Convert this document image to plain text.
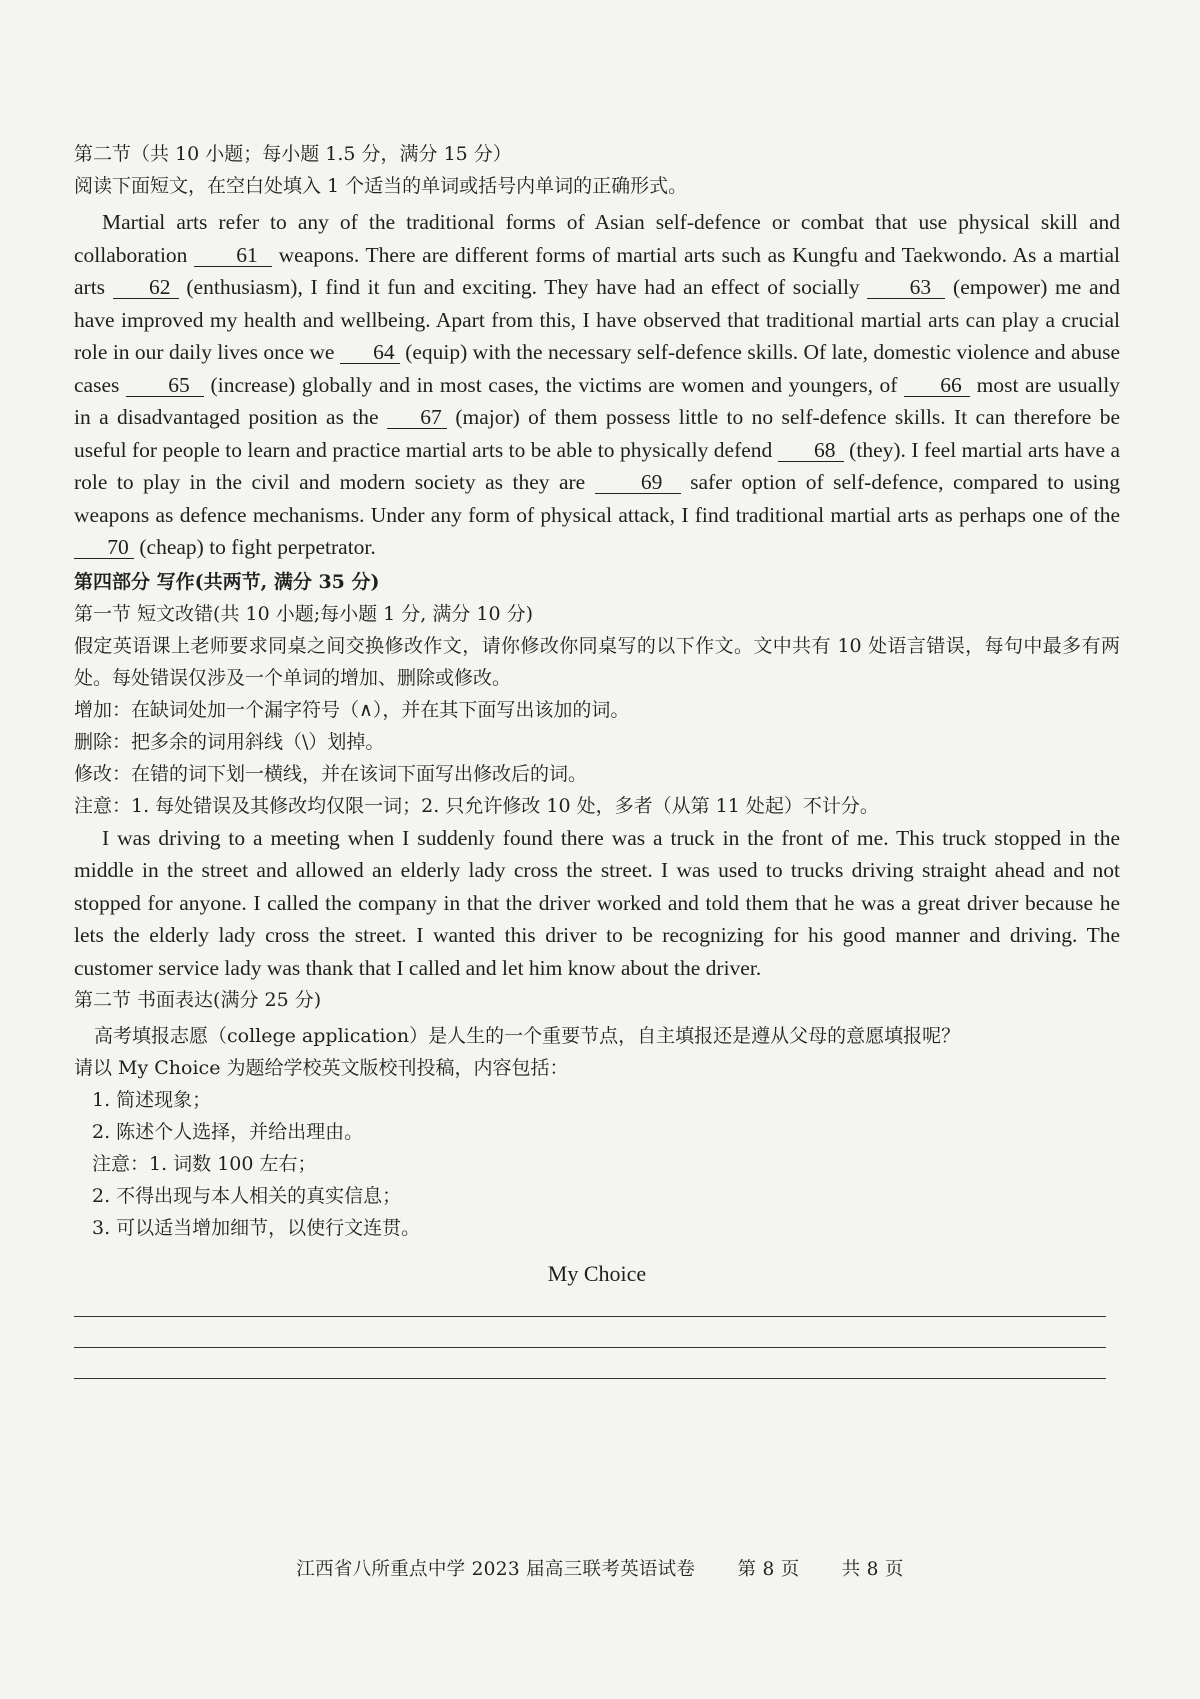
第二节（共 10 小题；每小题 1.5 分，满分 15 分）

阅读下面短文，在空白处填入 1 个适当的单词或括号内单词的正确形式。

Martial arts refer to any of the traditional forms of Asian self-defence or combat that use physical skill and collaboration 61 weapons. There are different forms of martial arts such as Kungfu and Taekwondo. As a martial arts 62 (enthusiasm), I find it fun and exciting. They have had an effect of socially 63 (empower) me and have improved my health and wellbeing. Apart from this, I have observed that traditional martial arts can play a crucial role in our daily lives once we 64 (equip) with the necessary self-defence skills. Of late, domestic violence and abuse cases 65 (increase) globally and in most cases, the victims are women and youngers, of 66 most are usually in a disadvantaged position as the 67 (major) of them possess little to no self-defence skills. It can therefore be useful for people to learn and practice martial arts to be able to physically defend 68 (they). I feel martial arts have a role to play in the civil and modern society as they are 69 safer option of self-defence, compared to using weapons as defence mechanisms. Under any form of physical attack, I find traditional martial arts as perhaps one of the 70 (cheap) to fight perpetrator.

第四部分 写作(共两节, 满分 35 分)

第一节 短文改错(共 10 小题;每小题 1 分, 满分 10 分)

假定英语课上老师要求同桌之间交换修改作文，请你修改你同桌写的以下作文。文中共有 10 处语言错误，每句中最多有两处。每处错误仅涉及一个单词的增加、删除或修改。

增加：在缺词处加一个漏字符号（∧），并在其下面写出该加的词。

删除：把多余的词用斜线（\）划掉。

修改：在错的词下划一横线，并在该词下面写出修改后的词。

注意：1. 每处错误及其修改均仅限一词；2. 只允许修改 10 处，多者（从第 11 处起）不计分。

I was driving to a meeting when I suddenly found there was a truck in the front of me. This truck stopped in the middle in the street and allowed an elderly lady cross the street. I was used to trucks driving straight ahead and not stopped for anyone. I called the company in that the driver worked and told them that he was a great driver because he lets the elderly lady cross the street. I wanted this driver to be recognizing for his good manner and driving. The customer service lady was thank that I called and let him know about the driver.

第二节 书面表达(满分 25 分)

高考填报志愿（college application）是人生的一个重要节点，自主填报还是遵从父母的意愿填报呢？

请以 My Choice 为题给学校英文版校刊投稿，内容包括：

1. 简述现象；

2. 陈述个人选择，并给出理由。

注意：1. 词数 100 左右；

2. 不得出现与本人相关的真实信息；

3. 可以适当增加细节，以使行文连贯。

My Choice
江西省八所重点中学 2023 届高三联考英语试卷 第 8 页 共 8 页
